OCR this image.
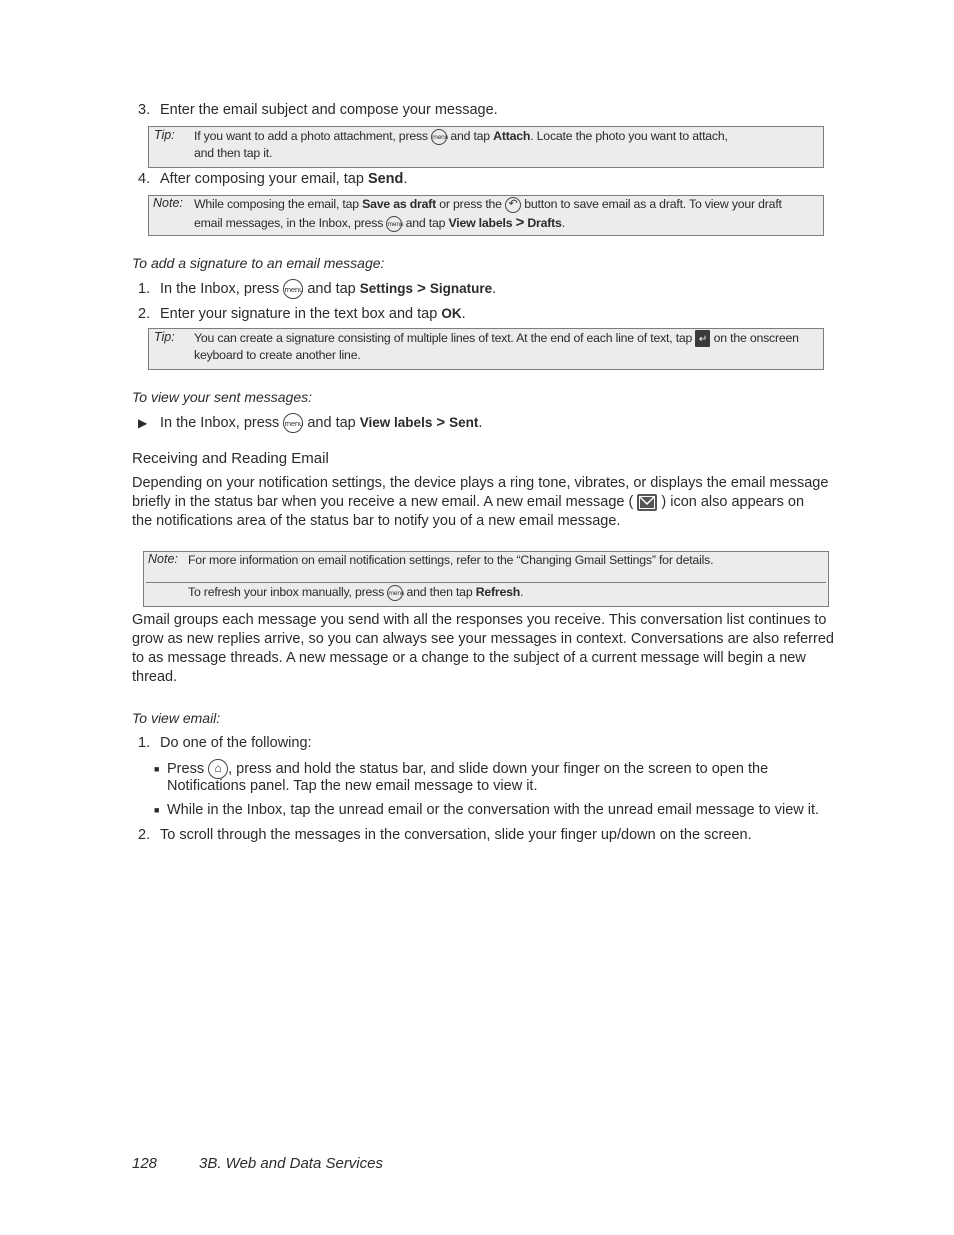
3. Enter the email subject and compose your message.
Tip: If you want to add a photo attachment, press menu and tap Attach. Locate the photo you want to attach,
and then tap it.
4. After composing your email, tap Send.
Note: While composing the email, tap Save as draft or press the ↶ button to save email as a draft. To view your draft
email messages, in the Inbox, press menu and tap View labels > Drafts.
To add a signature to an email message:
1. In the Inbox, press menu and tap Settings > Signature.
2. Enter your signature in the text box and tap OK.
Tip: You can create a signature consisting of multiple lines of text. At the end of each line of text, tap ↵ on the onscreen
keyboard to create another line.
To view your sent messages:
▶ In the Inbox, press menu and tap View labels > Sent.
Receiving and Reading Email
Depending on your notification settings, the device plays a ring tone, vibrates, or displays the email message
briefly in the status bar when you receive a new email. A new email message ( ) icon also appears on
the notifications area of the status bar to notify you of a new email message.
Note: For more information on email notification settings, refer to the “Changing Gmail Settings” for details.
To refresh your inbox manually, press menu and then tap Refresh.
Gmail groups each message you send with all the responses you receive. This conversation list continues to
grow as new replies arrive, so you can always see your messages in context. Conversations are also referred
to as message threads. A new message or a change to the subject of a current message will begin a new
thread.
To view email:
1. Do one of the following:
■ Press ⌂ , press and hold the status bar, and slide down your finger on the screen to open the
Notifications panel. Tap the new email message to view it.
■ While in the Inbox, tap the unread email or the conversation with the unread email message to view it.
2. To scroll through the messages in the conversation, slide your finger up/down on the screen.
128	3B. Web and Data Services
